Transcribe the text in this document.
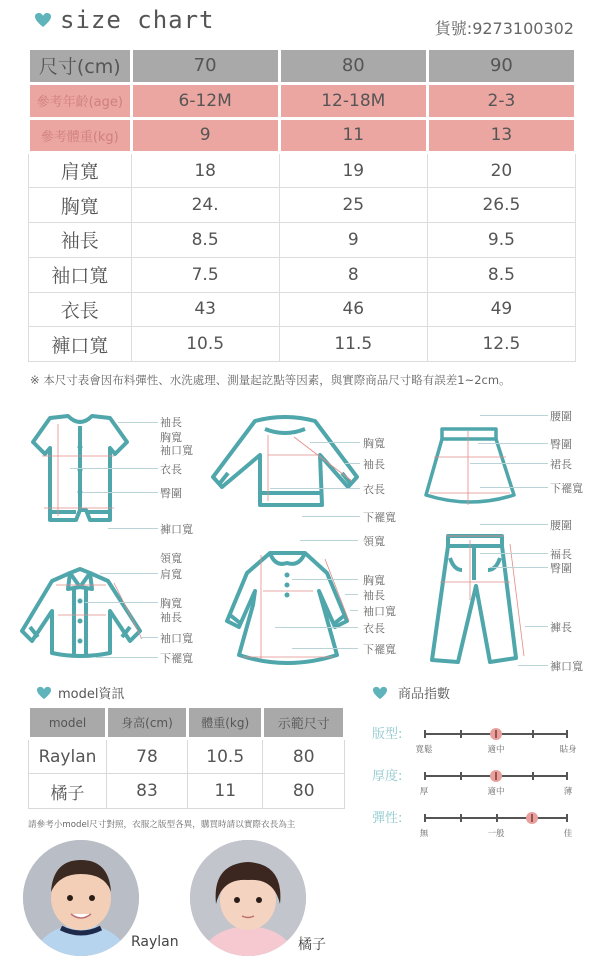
size chart	貨號:9273100302
尺寸(cm)	70	80	90
參考年齡(age)	6-12M	12-18M	2-3
參考體重(kg)	9	11	13
肩寬	18	19	20
胸寬	24.	25	26.5
袖長	8.5	9	9.5
袖口寬	7.5	8	8.5
衣長	43	46	49
褲口寬	10.5	11.5	12.5
※ 本尺寸表會因布料彈性、水洗處理、測量起訖點等因素，與實際商品尺寸略有誤差1~2cm。
袖長
胸寬
袖口寬
衣長
臀圍
褲口寬
胸寬
袖長
衣長
下襬寬
腰圍
臀圍
裙長
下襬寬
領寬
肩寬
胸寬
袖長
袖口寬
下襬寬
領寬
胸寬
袖長
袖口寬
衣長
下襬寬
腰圍
褔長
臀圍
褲長
褲口寬
model資訊
model	身高(cm)	體重(kg)	示範尺寸
Raylan	78	10.5	80
橘子	83	11	80
請參考小model尺寸對照，衣服之版型各異，購買時請以實際衣長為主
商品指數
版型:
寬鬆	適中	貼身
厚度:
厚	適中	薄
彈性:
無	一般	佳
Raylan	橘子
